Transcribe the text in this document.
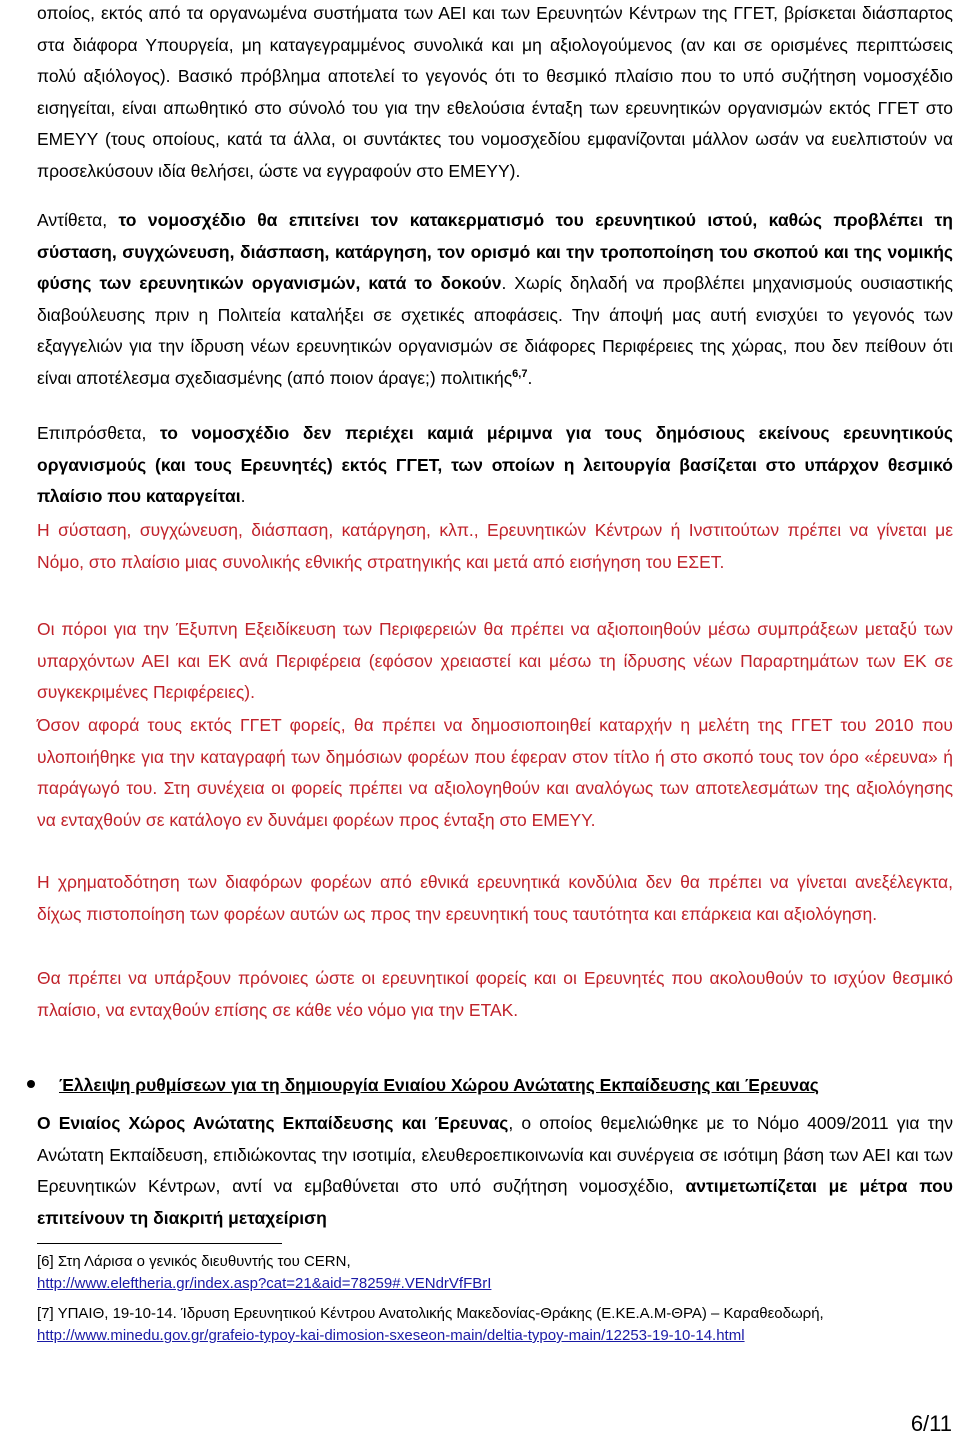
οποίος, εκτός από τα οργανωμένα συστήματα των ΑΕΙ και των Ερευνητών Κέντρων της ΓΓΕΤ, βρίσκεται διάσπαρτος στα διάφορα Υπουργεία, μη καταγεγραμμένος συνολικά και μη αξιολογούμενος (αν και σε ορισμένες περιπτώσεις πολύ αξιόλογος). Βασικό πρόβλημα αποτελεί το γεγονός ότι το θεσμικό πλαίσιο που το υπό συζήτηση νομοσχέδιο εισηγείται, είναι απωθητικό στο σύνολό του για την εθελούσια ένταξη των ερευνητικών οργανισμών εκτός ΓΓΕΤ στο ΕΜΕΥΥ (τους οποίους, κατά τα άλλα, οι συντάκτες του νομοσχεδίου εμφανίζονται μάλλον ωσάν να ευελπιστούν να προσελκύσουν ιδία θελήσει, ώστε να εγγραφούν στο ΕΜΕΥΥ).

Αντίθετα, το νομοσχέδιο θα επιτείνει τον κατακερματισμό του ερευνητικού ιστού, καθώς προβλέπει τη σύσταση, συγχώνευση, διάσπαση, κατάργηση, τον ορισμό και την τροποποίηση του σκοπού και της νομικής φύσης των ερευνητικών οργανισμών, κατά το δοκούν. Χωρίς δηλαδή να προβλέπει μηχανισμούς ουσιαστικής διαβούλευσης πριν η Πολιτεία καταλήξει σε σχετικές αποφάσεις. Την άποψή μας αυτή ενισχύει το γεγονός των εξαγγελιών για την ίδρυση νέων ερευνητικών οργανισμών σε διάφορες Περιφέρειες της χώρας, που δεν πείθουν ότι είναι αποτέλεσμα σχεδιασμένης (από ποιον άραγε;) πολιτικής$^{6,7}$.

Επιπρόσθετα, το νομοσχέδιο δεν περιέχει καμιά μέριμνα για τους δημόσιους εκείνους ερευνητικούς οργανισμούς (και τους Ερευνητές) εκτός ΓΓΕΤ, των οποίων η λειτουργία βασίζεται στο υπάρχον θεσμικό πλαίσιο που καταργείται.

Η σύσταση, συγχώνευση, διάσπαση, κατάργηση, κλπ., Ερευνητικών Κέντρων ή Ινστιτούτων πρέπει να γίνεται με Νόμο, στο πλαίσιο μιας συνολικής εθνικής στρατηγικής και μετά από εισήγηση του ΕΣΕΤ.

Οι πόροι για την Έξυπνη Εξειδίκευση των Περιφερειών θα πρέπει να αξιοποιηθούν μέσω συμπράξεων μεταξύ των υπαρχόντων ΑΕΙ και ΕΚ ανά Περιφέρεια (εφόσον χρειαστεί και μέσω τη ίδρυσης νέων Παραρτημάτων των ΕΚ σε συγκεκριμένες Περιφέρειες).

Όσον αφορά τους εκτός ΓΓΕΤ φορείς, θα πρέπει να δημοσιοποιηθεί καταρχήν η μελέτη της ΓΓΕΤ του 2010 που υλοποιήθηκε για την καταγραφή των δημόσιων φορέων που έφεραν στον τίτλο ή στο σκοπό τους τον όρο «έρευνα» ή παράγωγό του. Στη συνέχεια οι φορείς πρέπει να αξιολογηθούν και αναλόγως των αποτελεσμάτων της αξιολόγησης να ενταχθούν σε κατάλογο εν δυνάμει φορέων προς ένταξη στο ΕΜΕΥΥ.

Η χρηματοδότηση των διαφόρων φορέων από εθνικά ερευνητικά κονδύλια δεν θα πρέπει να γίνεται ανεξέλεγκτα, δίχως πιστοποίηση των φορέων αυτών ως προς την ερευνητική τους ταυτότητα και επάρκεια και αξιολόγηση.

Θα πρέπει να υπάρξουν πρόνοιες ώστε οι ερευνητικοί φορείς και οι Ερευνητές που ακολουθούν το ισχύον θεσμικό πλαίσιο, να ενταχθούν επίσης σε κάθε νέο νόμο για την ΕΤΑΚ.

Έλλειψη ρυθμίσεων για τη δημιουργία Ενιαίου Χώρου Ανώτατης Εκπαίδευσης και Έρευνας

Ο Ενιαίος Χώρος Ανώτατης Εκπαίδευσης και Έρευνας, ο οποίος θεμελιώθηκε με το Νόμο 4009/2011 για την Ανώτατη Εκπαίδευση, επιδιώκοντας την ισοτιμία, ελευθεροεπικοινωνία και συνέργεια σε ισότιμη βάση των ΑΕΙ και των Ερευνητικών Κέντρων, αντί να εμβαθύνεται στο υπό συζήτηση νομοσχέδιο, αντιμετωπίζεται με μέτρα που επιτείνουν τη διακριτή μεταχείριση

[6] Στη Λάρισα ο γενικός διευθυντής του CERN,
http://www.eleftheria.gr/index.asp?cat=21&aid=78259#.VENdrVfFBrI
[7] ΥΠΑΙΘ, 19-10-14. Ίδρυση Ερευνητικού Κέντρου Ανατολικής Μακεδονίας-Θράκης (Ε.ΚΕ.Α.Μ-ΘΡΑ) – Καραθεοδωρή,
http://www.minedu.gov.gr/grafeio-typoy-kai-dimosion-sxeseon-main/deltia-typoy-main/12253-19-10-14.html
6/11
